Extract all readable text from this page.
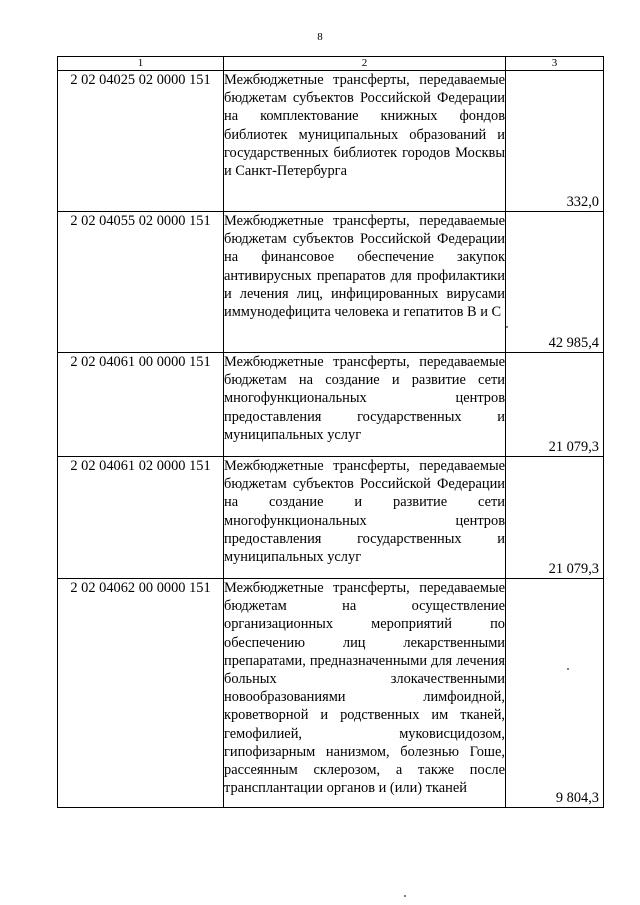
8
1	2	3
2 02 04025 02 0000 151	Межбюджетные трансферты, передаваемые бюджетам субъектов Российской Федерации на комплектование книжных фондов библиотек муниципальных образований и государственных библиотек городов Москвы и Санкт-Петербурга	332,0
2 02 04055 02 0000 151	Межбюджетные трансферты, передаваемые бюджетам субъектов Российской Федерации на финансовое обеспечение закупок антивирусных препаратов для профилактики и лечения лиц, инфицированных вирусами иммунодефицита человека и гепатитов В и С	42 985,4
2 02 04061 00 0000 151	Межбюджетные трансферты, передаваемые бюджетам на создание и развитие сети многофункциональных центров предоставления государственных и муниципальных услуг	21 079,3
2 02 04061 02 0000 151	Межбюджетные трансферты, передаваемые бюджетам субъектов Российской Федерации на создание и развитие сети многофункциональных центров предоставления государственных и муниципальных услуг	21 079,3
2 02 04062 00 0000 151	Межбюджетные трансферты, передаваемые бюджетам на осуществление организационных мероприятий по обеспечению лиц лекарственными препаратами, предназначенными для лечения больных злокачественными новообразованиями лимфоидной, кроветворной и родственных им тканей, гемофилией, муковисцидозом, гипофизарным нанизмом, болезнью Гоше, рассеянным склерозом, а также после трансплантации органов и (или) тканей	9 804,3
